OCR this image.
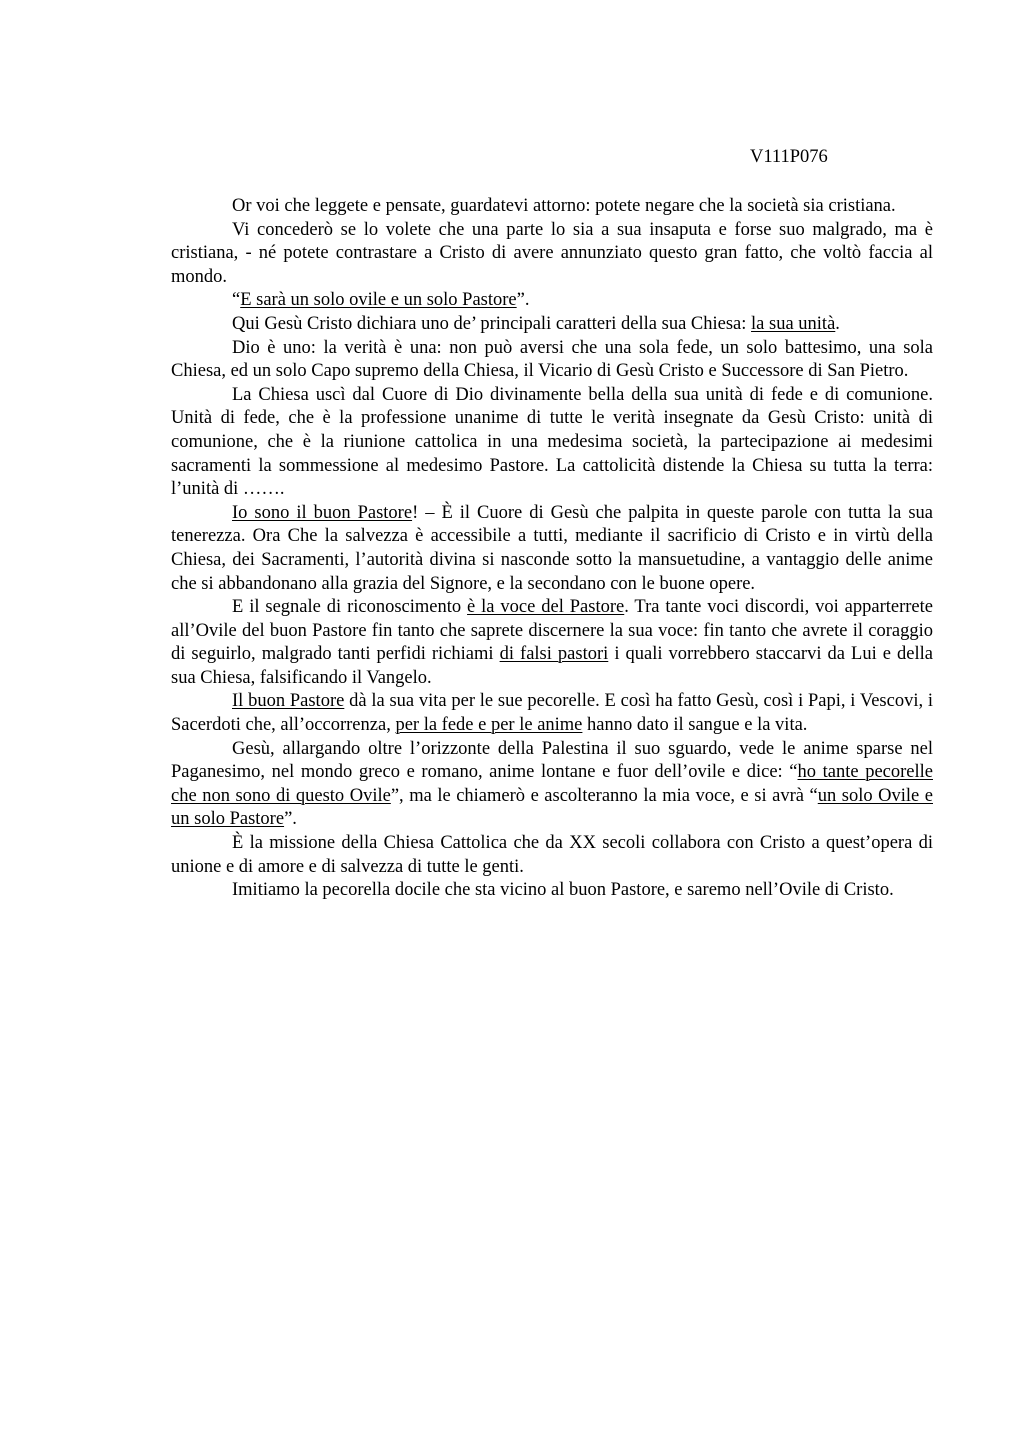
V111P076

Or voi che leggete e pensate, guardatevi attorno: potete negare che la società sia cristiana.

Vi concederò se lo volete che una parte lo sia a sua insaputa e forse suo malgrado, ma è cristiana, - né potete contrastare a Cristo di avere annunziato questo gran fatto, che voltò faccia al mondo.

“E sarà un solo ovile e un solo Pastore”.

Qui Gesù Cristo dichiara uno de’ principali caratteri della sua Chiesa: la sua unità.

Dio è uno: la verità è una: non può aversi che una sola fede, un solo battesimo, una sola Chiesa, ed un solo Capo supremo della Chiesa, il Vicario di Gesù Cristo e Successore di San Pietro.

La Chiesa uscì dal Cuore di Dio divinamente bella della sua unità di fede e di comunione. Unità di fede, che è la professione unanime di tutte le verità insegnate da Gesù Cristo: unità di comunione, che è la riunione cattolica in una medesima società, la partecipazione ai medesimi sacramenti la sommessione al medesimo Pastore. La cattolicità distende la Chiesa su tutta la terra: l’unità di …….

Io sono il buon Pastore! – È il Cuore di Gesù che palpita in queste parole con tutta la sua tenerezza. Ora Che la salvezza è accessibile a tutti, mediante il sacrificio di Cristo e in virtù della Chiesa, dei Sacramenti, l’autorità divina si nasconde sotto la mansuetudine, a vantaggio delle anime che si abbandonano alla grazia del Signore, e la secondano con le buone opere.

E il segnale di riconoscimento è la voce del Pastore. Tra tante voci discordi, voi apparterrete all’Ovile del buon Pastore fin tanto che saprete discernere la sua voce: fin tanto che avrete il coraggio di seguirlo, malgrado tanti perfidi richiami di falsi pastori i quali vorrebbero staccarvi da Lui e della sua Chiesa, falsificando il Vangelo.

Il buon Pastore dà la sua vita per le sue pecorelle. E così ha fatto Gesù, così i Papi, i Vescovi, i Sacerdoti che, all’occorrenza, per la fede e per le anime hanno dato il sangue e la vita.

Gesù, allargando oltre l’orizzonte della Palestina il suo sguardo, vede le anime sparse nel Paganesimo, nel mondo greco e romano, anime lontane e fuor dell’ovile e dice: “ho tante pecorelle che non sono di questo Ovile”, ma le chiamerò e ascolteranno la mia voce, e si avrà “un solo Ovile e un solo Pastore”.

È la missione della Chiesa Cattolica che da XX secoli collabora con Cristo a quest’opera di unione e di amore e di salvezza di tutte le genti.

Imitiamo la pecorella docile che sta vicino al buon Pastore, e saremo nell’Ovile di Cristo.
